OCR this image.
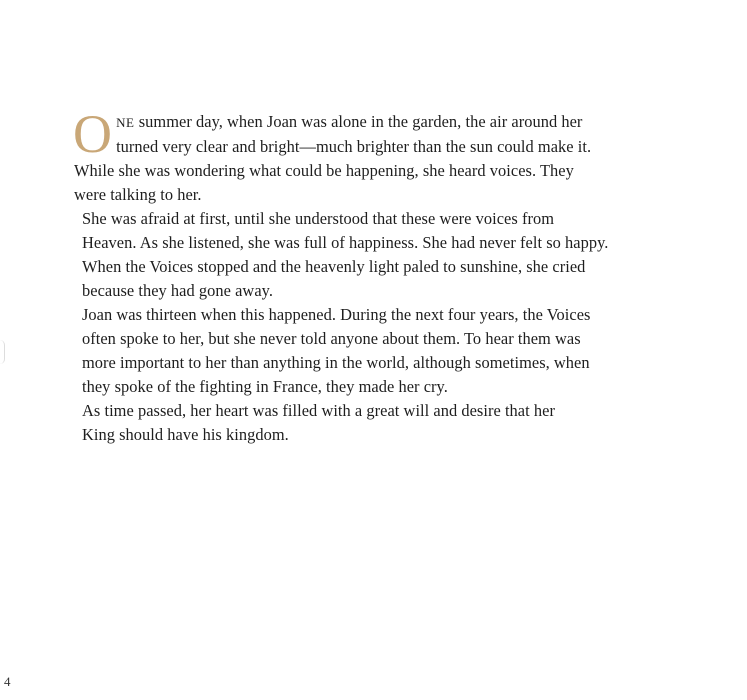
O NE summer day, when Joan was alone in the garden, the air around her
turned very clear and bright—much brighter than the sun could make it.
While she was wondering what could be happening, she heard voices. They
were talking to her.

She was afraid at first, until she understood that these were voices from
Heaven. As she listened, she was full of happiness. She had never felt so happy.
When the Voices stopped and the heavenly light paled to sunshine, she cried
because they had gone away.

Joan was thirteen when this happened. During the next four years, the Voices
often spoke to her, but she never told anyone about them. To hear them was
more important to her than anything in the world, although sometimes, when
they spoke of the fighting in France, they made her cry.

As time passed, her heart was filled with a great will and desire that her
King should have his kingdom.

4
